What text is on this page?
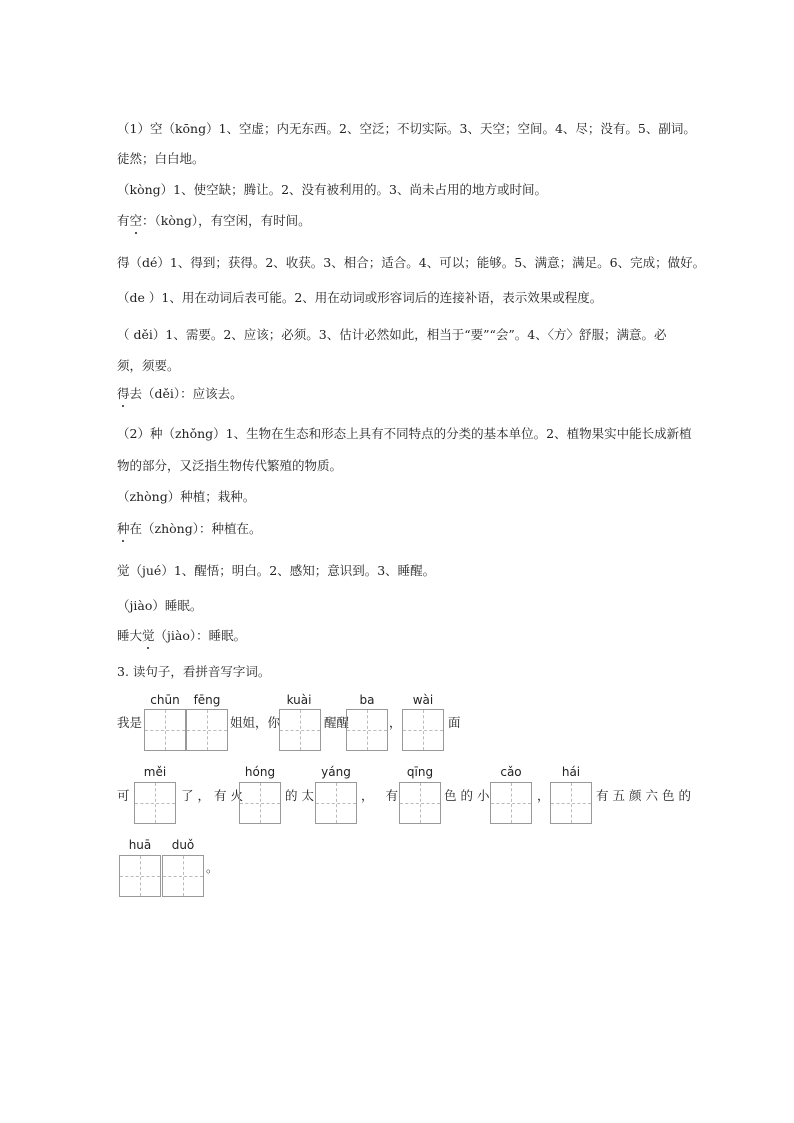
（1）空（kōng）1、空虚；内无东西。2、空泛；不切实际。3、天空；空间。4、尽；没有。5、副词。
徒然；白白地。
（kòng）1、使空缺；腾让。2、没有被利用的。3、尚未占用的地方或时间。
有空：（kòng），有空闲，有时间。
得（dé）1、得到；获得。2、收获。3、相合；适合。4、可以；能够。5、满意；满足。6、完成；做好。
（de ）1、用在动词后表可能。2、用在动词或形容词后的连接补语，表示效果或程度。
（ děi）1、需要。2、应该；必须。3、估计必然如此，相当于“要”“会”。4、〈方〉舒服；满意。必
须，须要。
得去（děi）：应该去。
（2）种（zhǒng）1、生物在生态和形态上具有不同特点的分类的基本单位。2、植物果实中能长成新植
物的部分，又泛指生物传代繁殖的物质。
（zhòng）种植；栽种。
种在（zhòng）：种植在。
觉（jué）1、醒悟；明白。2、感知；意识到。3、睡醒。
（jiào）睡眠。
睡大觉（jiào）：睡眠。
3. 读句子，看拼音写字词。
我是
chūn	fēng
姐姐，你
kuài
醒醒
ba
，
wài
面
可
měi
了，有火
hóng
的太
yáng
，有
qīng
色的小
cǎo
，
hái
有五颜六色的
huā	duǒ
。
